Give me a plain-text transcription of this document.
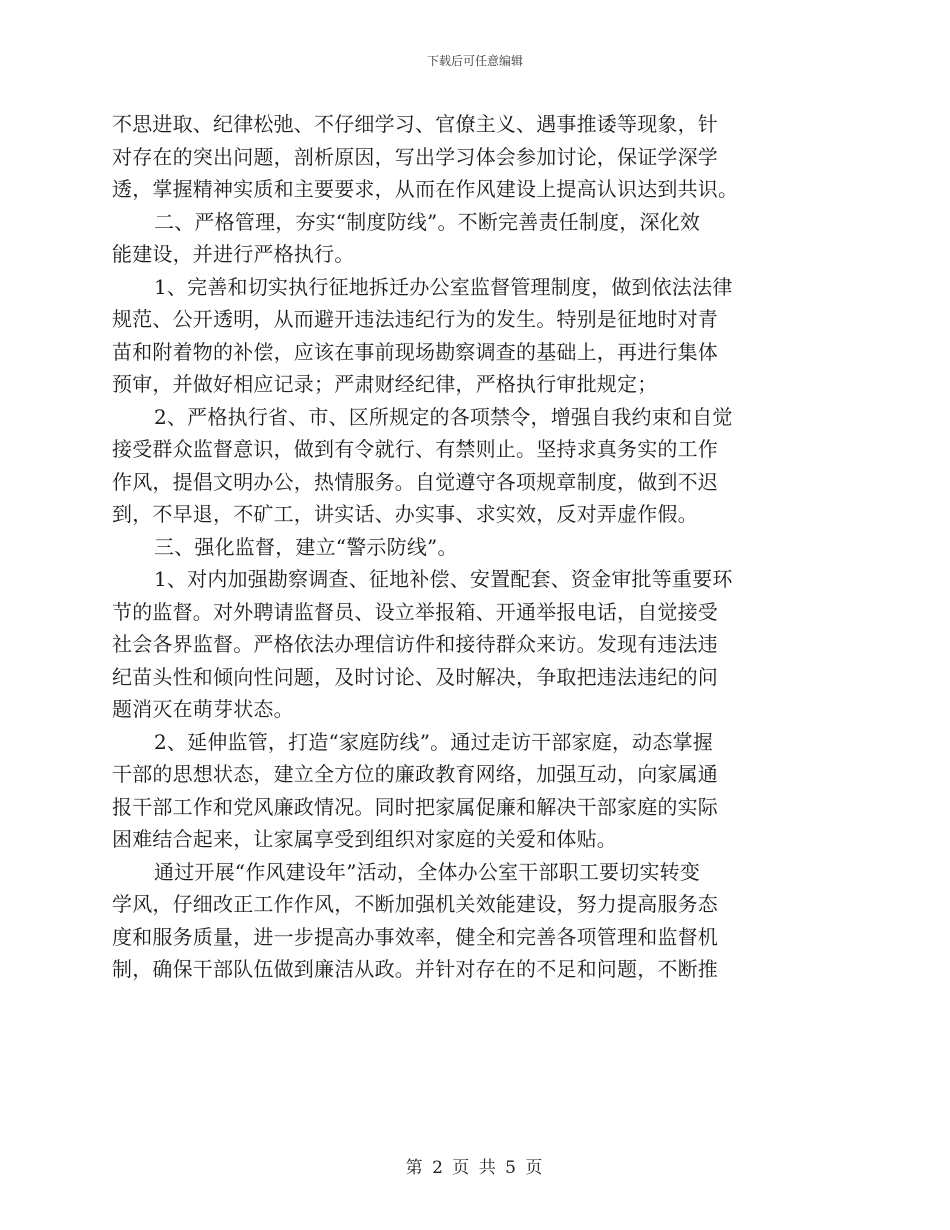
下载后可任意编辑

不思进取、纪律松弛、不仔细学习、官僚主义、遇事推诿等现象，针
对存在的突出问题，剖析原因，写出学习体会参加讨论，保证学深学
透，掌握精神实质和主要要求，从而在作风建设上提高认识达到共识。

二、严格管理，夯实“制度防线”。不断完善责任制度，深化效
能建设，并进行严格执行。

1、完善和切实执行征地拆迁办公室监督管理制度，做到依法法律
规范、公开透明，从而避开违法违纪行为的发生。特别是征地时对青
苗和附着物的补偿，应该在事前现场勘察调查的基础上，再进行集体
预审，并做好相应记录；严肃财经纪律，严格执行审批规定；

2、严格执行省、市、区所规定的各项禁令，增强自我约束和自觉
接受群众监督意识，做到有令就行、有禁则止。坚持求真务实的工作
作风，提倡文明办公，热情服务。自觉遵守各项规章制度，做到不迟
到，不早退，不矿工，讲实话、办实事、求实效，反对弄虚作假。

三、强化监督，建立“警示防线”。

1、对内加强勘察调查、征地补偿、安置配套、资金审批等重要环
节的监督。对外聘请监督员、设立举报箱、开通举报电话，自觉接受
社会各界监督。严格依法办理信访件和接待群众来访。发现有违法违
纪苗头性和倾向性问题，及时讨论、及时解决，争取把违法违纪的问
题消灭在萌芽状态。

2、延伸监管，打造“家庭防线”。通过走访干部家庭，动态掌握
干部的思想状态，建立全方位的廉政教育网络，加强互动，向家属通
报干部工作和党风廉政情况。同时把家属促廉和解决干部家庭的实际
困难结合起来，让家属享受到组织对家庭的关爱和体贴。

通过开展“作风建设年”活动，全体办公室干部职工要切实转变
学风，仔细改正工作作风，不断加强机关效能建设，努力提高服务态
度和服务质量，进一步提高办事效率，健全和完善各项管理和监督机
制，确保干部队伍做到廉洁从政。并针对存在的不足和问题，不断推

第 2 页 共 5 页
